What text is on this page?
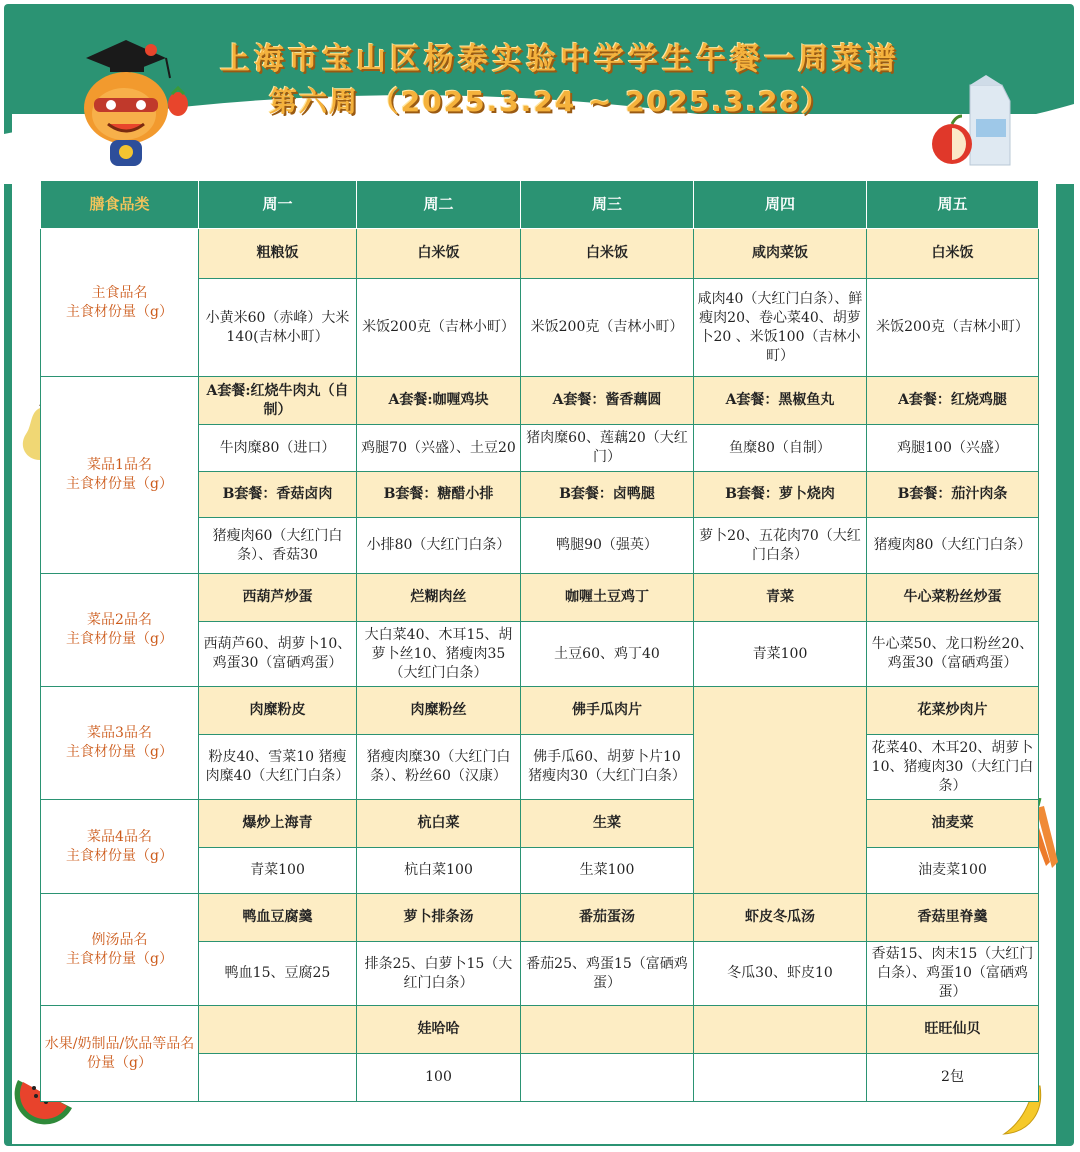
上海市宝山区杨泰实验中学学生午餐一周菜谱
第六周 （2025.3.24 ~ 2025.3.28）
膳食品类	周一	周二	周三	周四	周五

主食品名
主食材份量（g）	粗粮饭	白米饭	白米饭	咸肉菜饭	白米饭
	小黄米60（赤峰）大米140(吉林小町）	米饭200克（吉林小町）	米饭200克（吉林小町）	咸肉40（大红门白条）、鲜瘦肉20、卷心菜40、胡萝卜20 、米饭100（吉林小町）	米饭200克（吉林小町）

菜品1品名
主食材份量（g）	A套餐:红烧牛肉丸（自制）	A套餐:咖喱鸡块	A套餐：酱香藕圆	A套餐：黑椒鱼丸	A套餐：红烧鸡腿
	牛肉糜80（进口）	鸡腿70（兴盛）、土豆20	猪肉糜60、莲藕20（大红门）	鱼糜80（自制）	鸡腿100（兴盛）
	B套餐：香菇卤肉	B套餐：糖醋小排	B套餐：卤鸭腿	B套餐：萝卜烧肉	B套餐：茄汁肉条
	猪瘦肉60（大红门白条）、香菇30	小排80（大红门白条）	鸭腿90（强英）	萝卜20、五花肉70（大红门白条）	猪瘦肉80（大红门白条）

菜品2品名
主食材份量（g）	西葫芦炒蛋	烂糊肉丝	咖喱土豆鸡丁	青菜	牛心菜粉丝炒蛋
	西葫芦60、胡萝卜10、鸡蛋30（富硒鸡蛋）	大白菜40、木耳15、胡萝卜丝10、猪瘦肉35（大红门白条）	土豆60、鸡丁40	青菜100	牛心菜50、龙口粉丝20、鸡蛋30（富硒鸡蛋）

菜品3品名
主食材份量（g）	肉糜粉皮	肉糜粉丝	佛手瓜肉片		花菜炒肉片
	粉皮40、雪菜10 猪瘦肉糜40（大红门白条）	猪瘦肉糜30（大红门白条）、粉丝60（汉康）	佛手瓜60、胡萝卜片10 猪瘦肉30（大红门白条）		花菜40、木耳20、胡萝卜10、猪瘦肉30（大红门白条）

菜品4品名
主食材份量（g）	爆炒上海青	杭白菜	生菜		油麦菜
	青菜100	杭白菜100	生菜100		油麦菜100

例汤品名
主食材份量（g）	鸭血豆腐羹	萝卜排条汤	番茄蛋汤	虾皮冬瓜汤	香菇里脊羹
	鸭血15、豆腐25	排条25、白萝卜15（大红门白条）	番茄25、鸡蛋15（富硒鸡蛋）	冬瓜30、虾皮10	香菇15、肉末15（大红门白条）、鸡蛋10（富硒鸡蛋）

水果/奶制品/饮品等品名
份量（g）		娃哈哈			旺旺仙贝
		100			2包
